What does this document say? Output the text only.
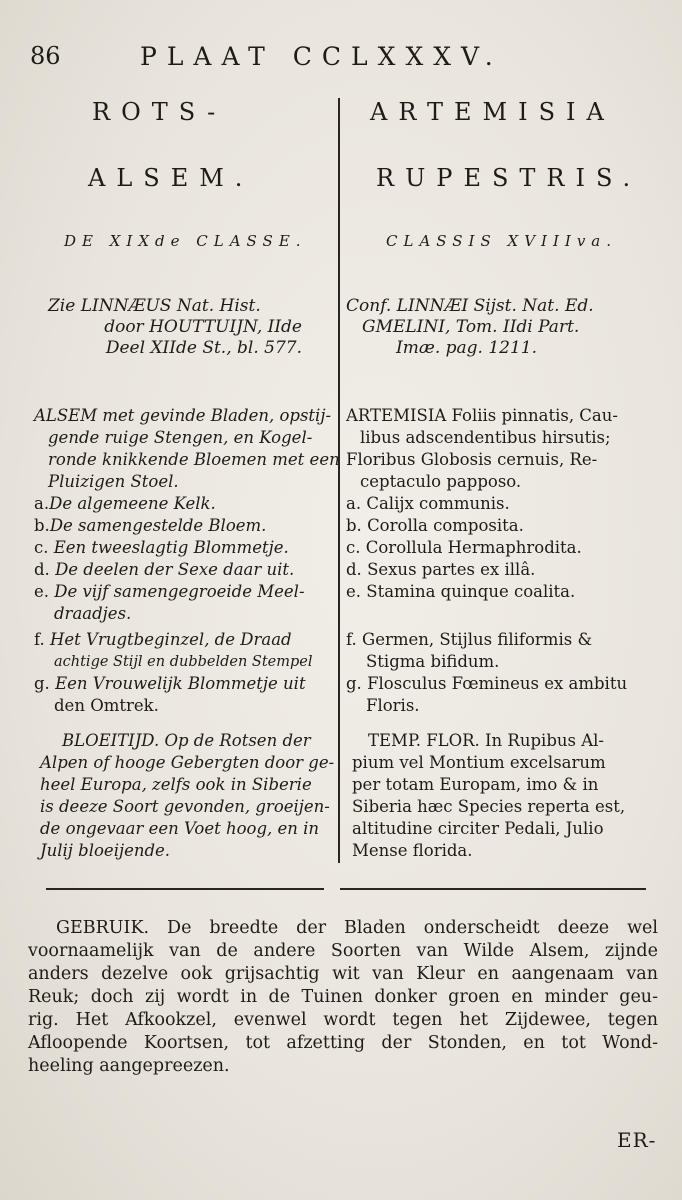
86	PLAAT CCLXXXV.
ROTS-
ALSEM.
DE XIXde CLASSE.
Zie LINNÆUS Nat. Hist.
door HOUTTUIJN, IIde
Deel XIIde St., bl. 577.
ALSEM met gevinde Bladen, opstij-
gende ruige Stengen, en Kogel-
ronde knikkende Bloemen met een
Pluizigen Stoel.
a.De algemeene Kelk.
b.De samengestelde Bloem.
c. Een tweeslagtig Blommetje.
d. De deelen der Sexe daar uit.
e. De vijf samengegroeide Meel-
draadjes.
f. Het Vrugtbeginzel, de Draad
achtige Stijl en dubbelden Stempel
g. Een Vrouwelijk Blommetje uit
den Omtrek.
BLOEITIJD. Op de Rotsen der
Alpen of hooge Gebergten door ge-
heel Europa, zelfs ook in Siberie
is deeze Soort gevonden, groeijen-
de ongevaar een Voet hoog, en in
Julij bloeijende.
ARTEMISIA
RUPESTRIS.
CLASSIS XVIIIva.
Conf. LINNÆI Sijst. Nat. Ed.
GMELINI, Tom. IIdi Part.
Imæ. pag. 1211.
ARTEMISIA Foliis pinnatis, Cau-
libus adscendentibus hirsutis;
Floribus Globosis cernuis, Re-
ceptaculo papposo.
a. Calijx communis.
b. Corolla composita.
c. Corollula Hermaphrodita.
d. Sexus partes ex illâ.
e. Stamina quinque coalita.
f. Germen, Stijlus filiformis &
Stigma bifidum.
g. Flosculus Fœmineus ex ambitu
Floris.
TEMP. FLOR. In Rupibus Al-
pium vel Montium excelsarum
per totam Europam, imo & in
Siberia hæc Species reperta est,
altitudine circiter Pedali, Julio
Mense florida.
GEBRUIK. De breedte der Bladen onderscheidt deeze wel
voornaamelijk van de andere Soorten van Wilde Alsem, zijnde
anders dezelve ook grijsachtig wit van Kleur en aangenaam van
Reuk; doch zij wordt in de Tuinen donker groen en minder geu-
rig. Het Afkookzel, evenwel wordt tegen het Zijdewee, tegen
Afloopende Koortsen, tot afzetting der Stonden, en tot Wond-
heeling aangepreezen.
ER-
